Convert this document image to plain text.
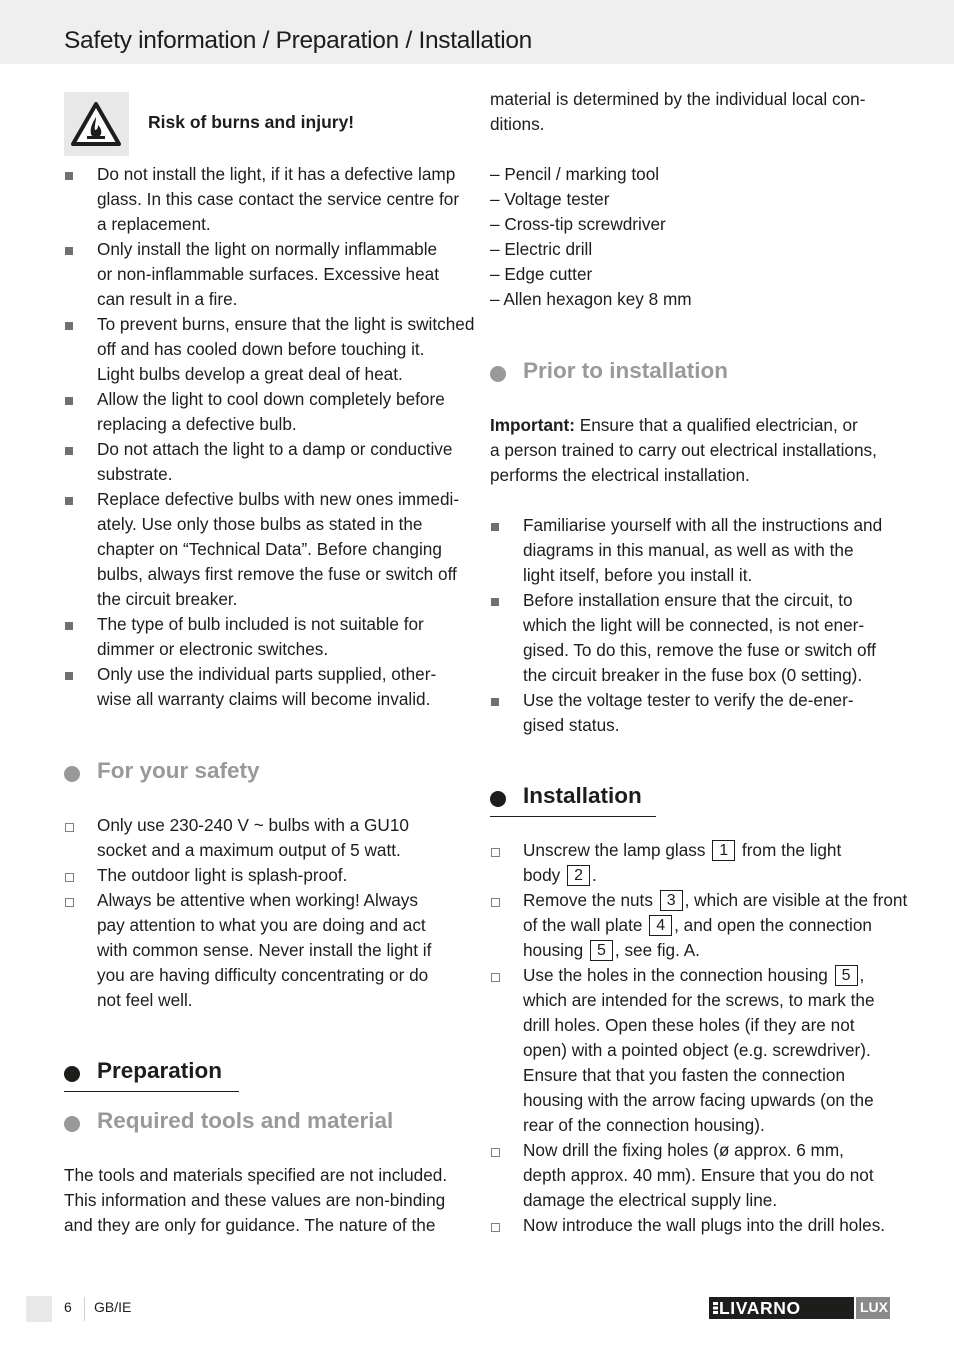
Safety information / Preparation / Installation
Risk of burns and injury!
Do not install the light, if it has a defective lamp
glass. In this case contact the service centre for
a replacement.
Only install the light on normally inflammable
or non-inflammable surfaces. Excessive heat
can result in a fire.
To prevent burns, ensure that the light is switched
off and has cooled down before touching it.
Light bulbs develop a great deal of heat.
Allow the light to cool down completely before
replacing a defective bulb.
Do not attach the light to a damp or conductive
substrate.
Replace defective bulbs with new ones immedi-
ately. Use only those bulbs as stated in the
chapter on “Technical Data”. Before changing
bulbs, always first remove the fuse or switch off
the circuit breaker.
The type of bulb included is not suitable for
dimmer or electronic switches.
Only use the individual parts supplied, other-
wise all warranty claims will become invalid.
For your safety
Only use 230-240 V ~ bulbs with a GU10
socket and a maximum output of 5 watt.
The outdoor light is splash-proof.
Always be attentive when working! Always
pay attention to what you are doing and act
with common sense. Never install the light if
you are having difficulty concentrating or do
not feel well.
Preparation
Required tools and material
The tools and materials specified are not included.
This information and these values are non-binding
and they are only for guidance. The nature of the
material is determined by the individual local con-
ditions.
– Pencil / marking tool
– Voltage tester
– Cross-tip screwdriver
– Electric drill
– Edge cutter
– Allen hexagon key 8 mm
Prior to installation
Important: Ensure that a qualified electrician, or
a person trained to carry out electrical installations,
performs the electrical installation.
Familiarise yourself with all the instructions and
diagrams in this manual, as well as with the
light itself, before you install it.
Before installation ensure that the circuit, to
which the light will be connected, is not ener-
gised. To do this, remove the fuse or switch off
the circuit breaker in the fuse box (0 setting).
Use the voltage tester to verify the de-ener-
gised status.
Installation
Unscrew the lamp glass 1 from the light
body 2 .
Remove the nuts 3 , which are visible at the front
of the wall plate 4 , and open the connection
housing 5 , see fig. A.
Use the holes in the connection housing 5 ,
which are intended for the screws, to mark the
drill holes. Open these holes (if they are not
open) with a pointed object (e.g. screwdriver).
Ensure that that you fasten the connection
housing with the arrow facing upwards (on the
rear of the connection housing).
Now drill the fixing holes (ø approx. 6 mm,
depth approx. 40 mm). Ensure that you do not
damage the electrical supply line.
Now introduce the wall plugs into the drill holes.
6 GB/IE	LIVARNO	LUX
